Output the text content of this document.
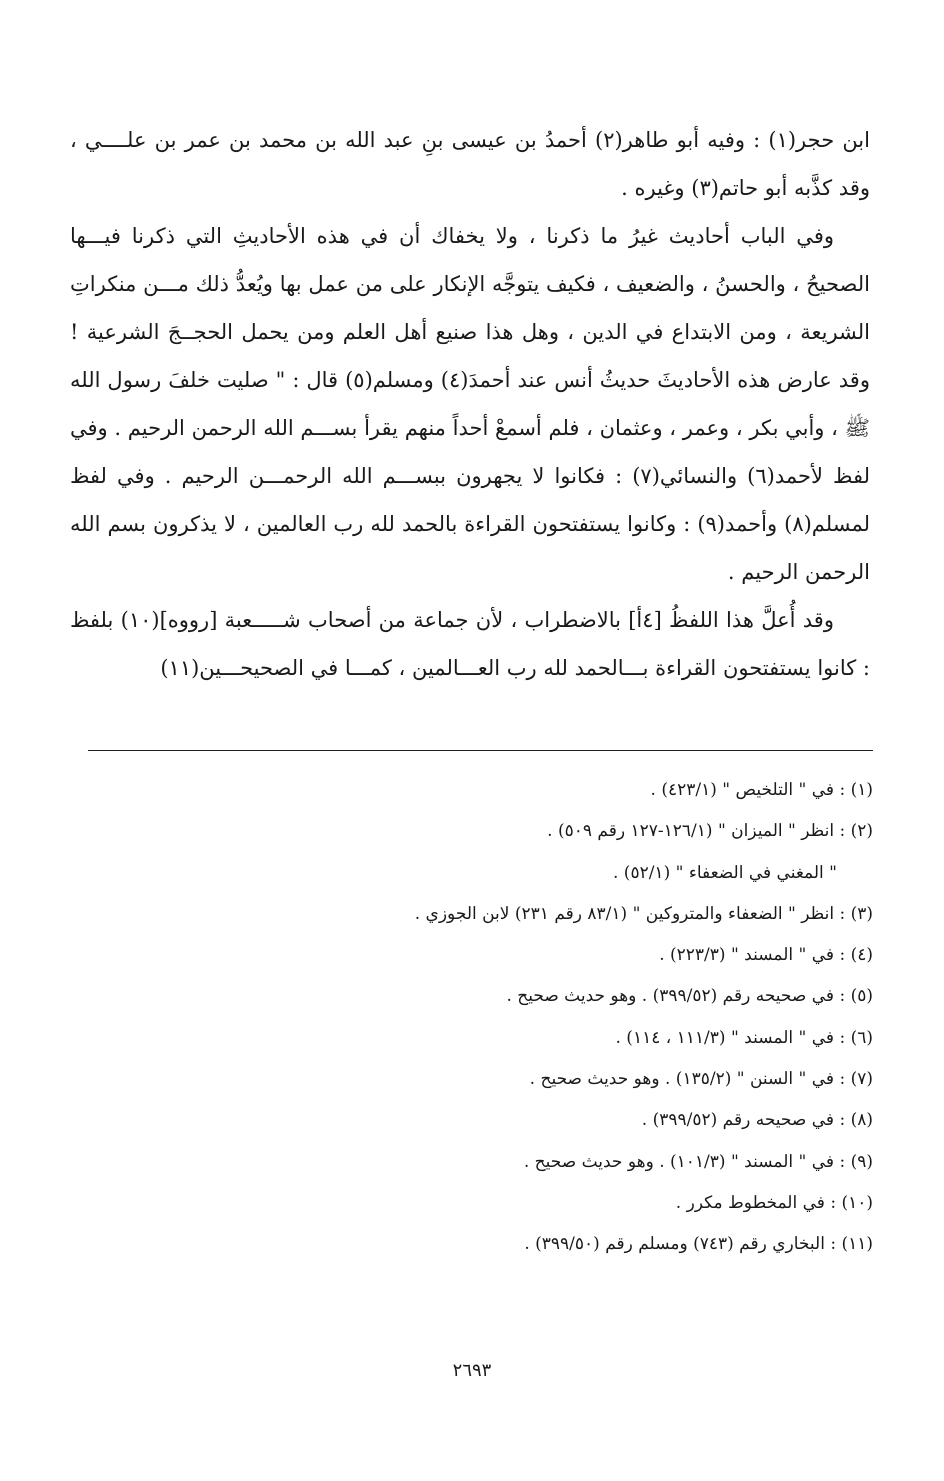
ابن حجر(١) : وفيه أبو طاهر(٢) أحمدُ بن عيسى بنِ عبد الله بن محمد بن عمر بن علــــي ، وقد كذَّبه أبو حاتم(٣) وغيره .

وفي الباب أحاديث غيرُ ما ذكرنا ، ولا يخفاك أن في هذه الأحاديثِ التي ذكرنا فيـــها الصحيحُ ، والحسنُ ، والضعيف ، فكيف يتوجَّه الإنكار على من عمل بها ويُعدُّ ذلك مـــن منكراتِ الشريعة ، ومن الابتداع في الدين ، وهل هذا صنيع أهل العلم ومن يحمل الحجــجَ الشرعية ! وقد عارض هذه الأحاديثَ حديثُ أنس عند أحمدَ(٤) ومسلم(٥) قال : " صليت خلفَ رسول الله ﷺ ، وأبي بكر ، وعمر ، وعثمان ، فلم أسمعْ أحداً منهم يقرأ بســـم الله الرحمن الرحيم . وفي لفظ لأحمد(٦) والنسائي(٧) : فكانوا لا يجهرون ببســـم الله الرحمـــن الرحيم . وفي لفظ لمسلم(٨) وأحمد(٩) : وكانوا يستفتحون القراءة بالحمد لله رب العالمين ، لا يذكرون بسم الله الرحمن الرحيم .

وقد أُعلَّ هذا اللفظُ [٤أ] بالاضطراب ، لأن جماعة من أصحاب شـــــعبة [رووه](١٠) بلفظ : كانوا يستفتحون القراءة بـــالحمد لله رب العـــالمين ، كمـــا في الصحيحـــين(١١)

(١) : في " التلخيص " (٤٢٣/١) .
(٢) : انظر " الميزان " (١٢٦/١-١٢٧ رقم ٥٠٩) .
" المغني في الضعفاء " (٥٢/١) .
(٣) : انظر " الضعفاء والمتروكين " (٨٣/١ رقم ٢٣١) لابن الجوزي .
(٤) : في " المسند " (٢٢٣/٣) .
(٥) : في صحيحه رقم (٣٩٩/٥٢) . وهو حديث صحيح .
(٦) : في " المسند " (١١١/٣ ، ١١٤) .
(٧) : في " السنن " (١٣٥/٢) . وهو حديث صحيح .
(٨) : في صحيحه رقم (٣٩٩/٥٢) .
(٩) : في " المسند " (١٠١/٣) . وهو حديث صحيح .
(١٠) : في المخطوط مكرر .
(١١) : البخاري رقم (٧٤٣) ومسلم رقم (٣٩٩/٥٠) .
٢٦٩٣
